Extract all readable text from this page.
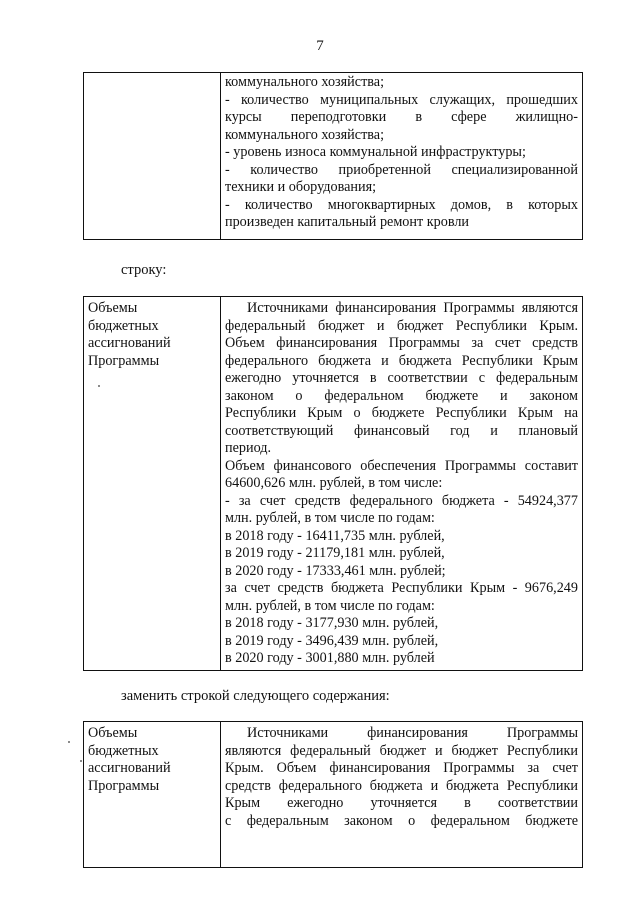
7

коммунального хозяйства;
- количество муниципальных служащих, прошедших
курсы переподготовки в сфере жилищно-
коммунального хозяйства;
- уровень износа коммунальной инфраструктуры;
- количество приобретенной специализированной
техники и оборудования;
- количество многоквартирных домов, в которых
произведен капитальный ремонт кровли
строку:
Объемы
бюджетных
ассигнований
Программы

Источниками финансирования Программы являются
федеральный бюджет и бюджет Республики Крым.
Объем финансирования Программы за счет средств
федерального бюджета и бюджета Республики Крым
ежегодно уточняется в соответствии с федеральным
законом о федеральном бюджете и законом
Республики Крым о бюджете Республики Крым на
соответствующий финансовый год и плановый
период.
Объем финансового обеспечения Программы составит
64600,626 млн. рублей, в том числе:
- за счет средств федерального бюджета - 54924,377
млн. рублей, в том числе по годам:
в 2018 году - 16411,735 млн. рублей,
в 2019 году - 21179,181 млн. рублей,
в 2020 году - 17333,461 млн. рублей;
за счет средств бюджета Республики Крым - 9676,249
млн. рублей, в том числе по годам:
в 2018 году - 3177,930 млн. рублей,
в 2019 году - 3496,439 млн. рублей,
в 2020 году - 3001,880 млн. рублей
заменить строкой следующего содержания:
Объемы
бюджетных
ассигнований
Программы

Источниками финансирования Программы
являются федеральный бюджет и бюджет Республики
Крым. Объем финансирования Программы за счет
средств федерального бюджета и бюджета Республики
Крым ежегодно уточняется в соответствии
с федеральным законом о федеральном бюджете
